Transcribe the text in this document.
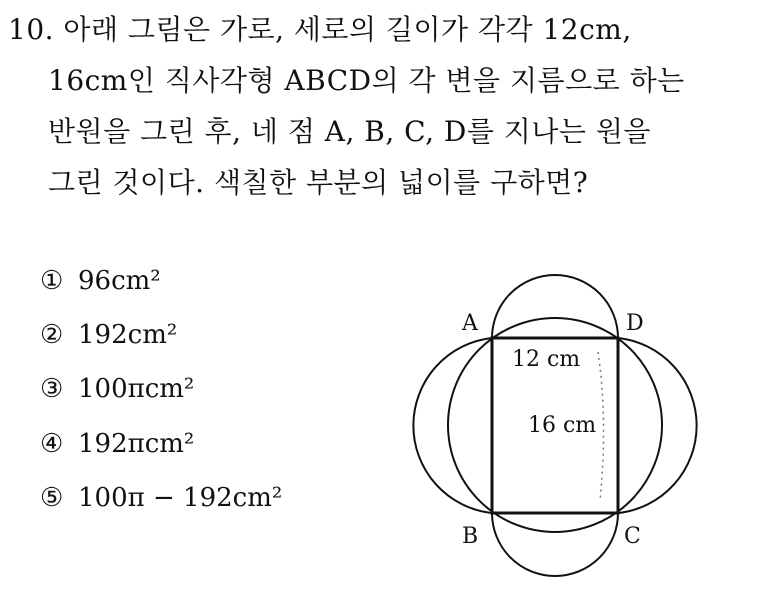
10. 아래 그림은 가로, 세로의 길이가 각각 12cm,
16cm인 직사각형 ABCD의 각 변을 지름으로 하는
반원을 그린 후, 네 점 A, B, C, D를 지나는 원을
그린 것이다. 색칠한 부분의 넓이를 구하면?
① 96cm²
② 192cm²
③ 100πcm²
④ 192πcm²
⑤ 100π − 192cm²
A	D
B	C
12 cm
16 cm
